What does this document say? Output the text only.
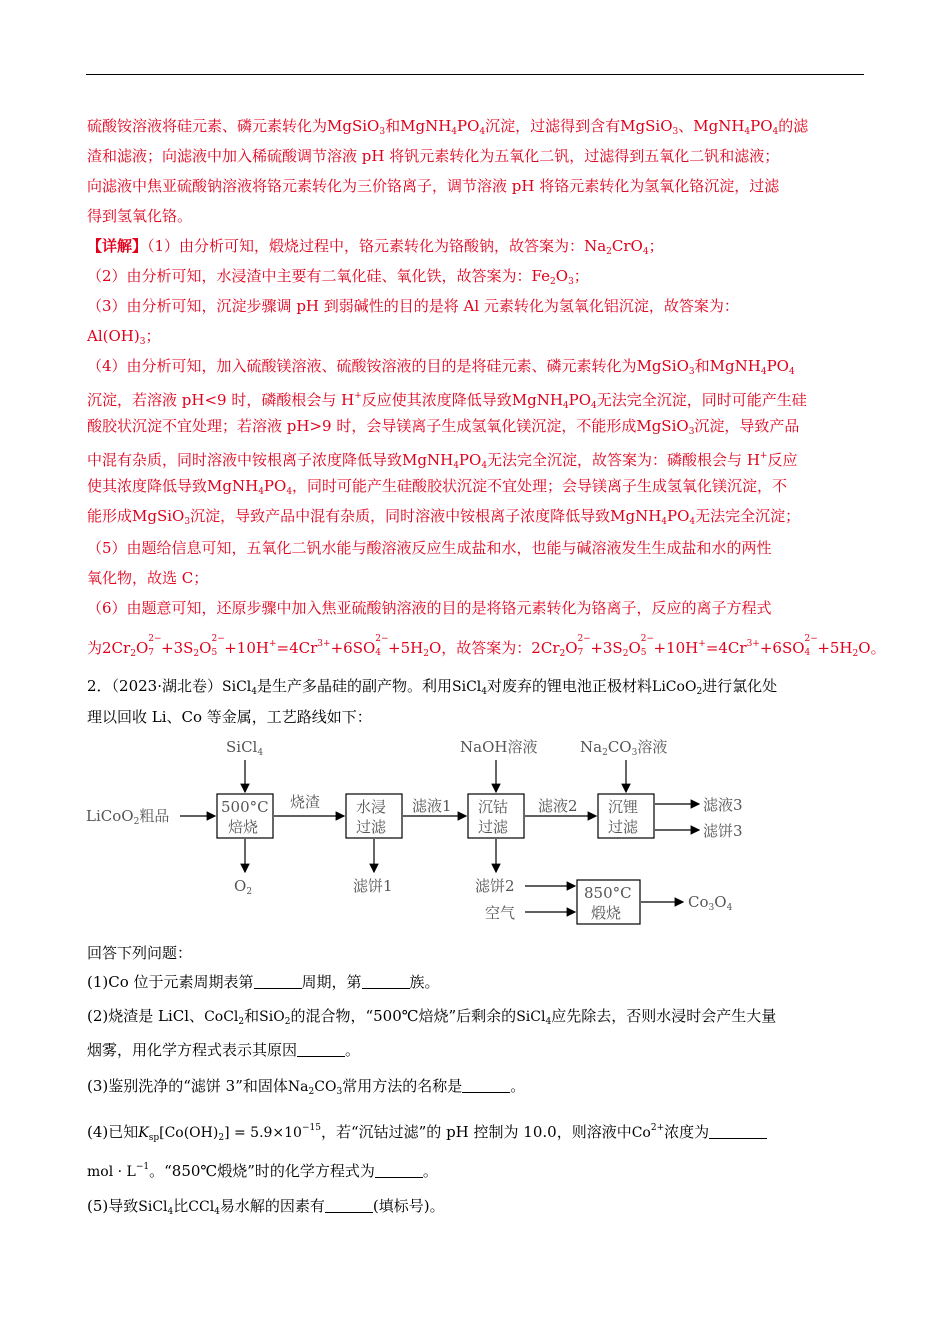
硫酸铵溶液将硅元素、磷元素转化为MgSiO$_3$和$MgNH_4PO_4$沉淀，过滤得到含有MgSiO$_3$、$MgNH_4PO_4$的滤
渣和滤液；向滤液中加入稀硫酸调节溶液 pH 将钒元素转化为五氧化二钒，过滤得到五氧化二钒和滤液；
向滤液中焦亚硫酸钠溶液将铬元素转化为三价铬离子，调节溶液 pH 将铬元素转化为氢氧化铬沉淀，过滤
得到氢氧化铬。
【详解】（1）由分析可知，煅烧过程中，铬元素转化为铬酸钠，故答案为：$Na_2CrO_4$；
（2）由分析可知，水浸渣中主要有二氧化硅、氧化铁，故答案为：$Fe_2O_3$；
（3）由分析可知，沉淀步骤调 pH 到弱碱性的目的是将 Al 元素转化为氢氧化铝沉淀，故答案为：
$Al(OH)_3$；
（4）由分析可知，加入硫酸镁溶液、硫酸铵溶液的目的是将硅元素、磷元素转化为MgSiO$_3$和$MgNH_4PO_4$
沉淀，若溶液 pH<9 时，磷酸根会与 H+反应使其浓度降低导致$MgNH_4PO_4$无法完全沉淀，同时可能产生硅
酸胶状沉淀不宜处理；若溶液 pH>9 时，会导镁离子生成氢氧化镁沉淀，不能形成MgSiO$_3$沉淀，导致产品
中混有杂质，同时溶液中铵根离子浓度降低导致$MgNH_4PO_4$无法完全沉淀，故答案为：磷酸根会与 H+反应
使其浓度降低导致$MgNH_4PO_4$，同时可能产生硅酸胶状沉淀不宜处理；会导镁离子生成氢氧化镁沉淀，不
能形成MgSiO$_3$沉淀，导致产品中混有杂质，同时溶液中铵根离子浓度降低导致$MgNH_4PO_4$无法完全沉淀；
（5）由题给信息可知，五氧化二钒水能与酸溶液反应生成盐和水，也能与碱溶液发生生成盐和水的两性
氧化物，故选 C；
（6）由题意可知，还原步骤中加入焦亚硫酸钠溶液的目的是将铬元素转化为铬离子，反应的离子方程式
为$2Cr_2O$ 2−
$7 +3S_2O$ 2−
$5 +10H^+=4Cr^{3+}+6SO$ 2−
$4 +5H_2O$，故答案为：$2Cr_2O$ 2−
$7 +3S_2O$ 2−
$5 +10H^+=4Cr^{3+}+6SO$ 2−
$4 +5H_2O$。
2．（2023·湖北卷）SiCl$_4$是生产多晶硅的副产物。利用SiCl$_4$对废弃的锂电池正极材料LiCoO$_2$进行氯化处
理以回收 Li、Co 等金属，工艺路线如下：
SiCl$_4$	NaOH溶液	$Na_2CO_3$溶液
LiCoO$_2$粗品	500°C
焙烧
烧渣 水浸
过滤
滤液1 沉钴
过滤
滤液2 沉锂
过滤
滤液3
滤饼3
$O_2$	滤饼1	滤饼2
空气
850°C
煅烧
$Co_3O_4$
回答下列问题：
(1)Co 位于元素周期表第	周期，第	族。
(2)烧渣是 LiCl、CoCl$_2$和SiO$_2$的混合物，“500℃焙烧”后剩余的SiCl$_4$应先除去，否则水浸时会产生大量
烟雾，用化学方程式表示其原因	。
(3)鉴别洗净的“滤饼 3”和固体$Na_2CO_3$常用方法的名称是	。
(4)已知$K_{sp}[Co(OH)_2] = 5.9\times 10^{-15}$，若“沉钴过滤”的 pH 控制为 10.0，则溶液中$Co^{2+}$浓度为
mol · $L^{-1}$。“850℃煅烧”时的化学方程式为	。
(5)导致SiCl$_4$比CCl$_4$易水解的因素有	(填标号)。
